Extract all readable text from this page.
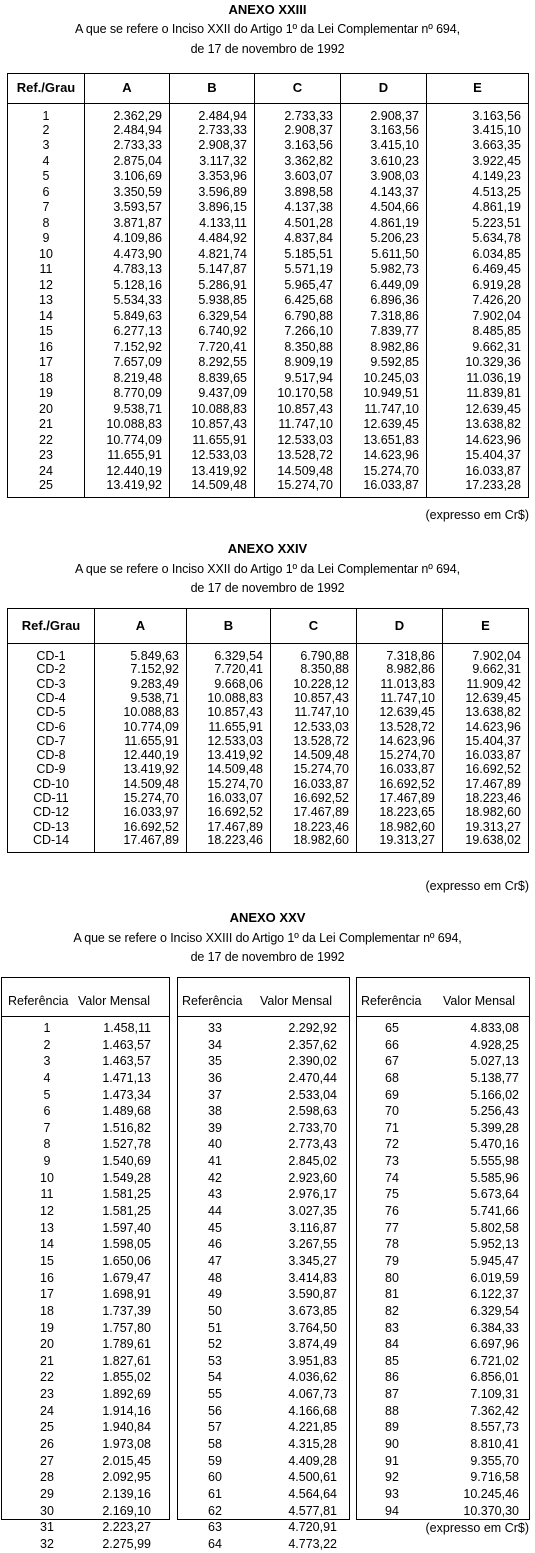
ANEXO XXIII
A que se refere o Inciso XXII do Artigo 1º da Lei Complementar nº 694,
de 17 de novembro de 1992
Ref./Grau	A	B	C	D	E
1	2.362,29	2.484,94	2.733,33	2.908,37	3.163,56
2	2.484,94	2.733,33	2.908,37	3.163,56	3.415,10
3	2.733,33	2.908,37	3.163,56	3.415,10	3.663,35
4	2.875,04	3.117,32	3.362,82	3.610,23	3.922,45
5	3.106,69	3.353,96	3.603,07	3.908,03	4.149,23
6	3.350,59	3.596,89	3.898,58	4.143,37	4.513,25
7	3.593,57	3.896,15	4.137,38	4.504,66	4.861,19
8	3.871,87	4.133,11	4.501,28	4.861,19	5.223,51
9	4.109,86	4.484,92	4.837,84	5.206,23	5.634,78
10	4.473,90	4.821,74	5.185,51	5.611,50	6.034,85
11	4.783,13	5.147,87	5.571,19	5.982,73	6.469,45
12	5.128,16	5.286,91	5.965,47	6.449,09	6.919,28
13	5.534,33	5.938,85	6.425,68	6.896,36	7.426,20
14	5.849,63	6.329,54	6.790,88	7.318,86	7.902,04
15	6.277,13	6.740,92	7.266,10	7.839,77	8.485,85
16	7.152,92	7.720,41	8.350,88	8.982,86	9.662,31
17	7.657,09	8.292,55	8.909,19	9.592,85	10.329,36
18	8.219,48	8.839,65	9.517,94	10.245,03	11.036,19
19	8.770,09	9.437,09	10.170,58	10.949,51	11.839,81
20	9.538,71	10.088,83	10.857,43	11.747,10	12.639,45
21	10.088,83	10.857,43	11.747,10	12.639,45	13.638,82
22	10.774,09	11.655,91	12.533,03	13.651,83	14.623,96
23	11.655,91	12.533,03	13.528,72	14.623,96	15.404,37
24	12.440,19	13.419,92	14.509,48	15.274,70	16.033,87
25	13.419,92	14.509,48	15.274,70	16.033,87	17.233,28
(expresso em Cr$)
ANEXO XXIV
A que se refere o Inciso XXII do Artigo 1º da Lei Complementar nº 694,
de 17 de novembro de 1992
Ref./Grau	A	B	C	D	E
CD-1	5.849,63	6.329,54	6.790,88	7.318,86	7.902,04
CD-2	7.152,92	7.720,41	8.350,88	8.982,86	9.662,31
CD-3	9.283,49	9.668,06	10.228,12	11.013,83	11.909,42
CD-4	9.538,71	10.088,83	10.857,43	11.747,10	12.639,45
CD-5	10.088,83	10.857,43	11.747,10	12.639,45	13.638,82
CD-6	10.774,09	11.655,91	12.533,03	13.528,72	14.623,96
CD-7	11.655,91	12.533,03	13.528,72	14.623,96	15.404,37
CD-8	12.440,19	13.419,92	14.509,48	15.274,70	16.033,87
CD-9	13.419,92	14.509,48	15.274,70	16.033,87	16.692,52
CD-10	14.509,48	15.274,70	16.033,87	16.692,52	17.467,89
CD-11	15.274,70	16.033,07	16.692,52	17.467,89	18.223,46
CD-12	16.033,97	16.692,52	17.467,89	18.223,65	18.982,60
CD-13	16.692,52	17.467,89	18.223,46	18.982,60	19.313,27
CD-14	17.467,89	18.223,46	18.982,60	19.313,27	19.638,02
(expresso em Cr$)
ANEXO XXV
A que se refere o Inciso XXIII do Artigo 1º da Lei Complementar nº 694,
de 17 de novembro de 1992
Referência Valor Mensal
1	1.458,11
2	1.463,57
3	1.463,57
4	1.471,13
5	1.473,34
6	1.489,68
7	1.516,82
8	1.527,78
9	1.540,69
10	1.549,28
11	1.581,25
12	1.581,25
13	1.597,40
14	1.598,05
15	1.650,06
16	1.679,47
17	1.698,91
18	1.737,39
19	1.757,80
20	1.789,61
21	1.827,61
22	1.855,02
23	1.892,69
24	1.914,16
25	1.940,84
26	1.973,08
27	2.015,45
28	2.092,95
29	2.139,16
30	2.169,10
31	2.223,27
32	2.275,99
Referência Valor Mensal
33	2.292,92
34	2.357,62
35	2.390,02
36	2.470,44
37	2.533,04
38	2.598,63
39	2.733,70
40	2.773,43
41	2.845,02
42	2.923,60
43	2.976,17
44	3.027,35
45	3.116,87
46	3.267,55
47	3.345,27
48	3.414,83
49	3.590,87
50	3.673,85
51	3.764,50
52	3.874,49
53	3.951,83
54	4.036,62
55	4.067,73
56	4.166,68
57	4.221,85
58	4.315,28
59	4.409,28
60	4.500,61
61	4.564,64
62	4.577,81
63	4.720,91
64	4.773,22
Referência Valor Mensal
65	4.833,08
66	4.928,25
67	5.027,13
68	5.138,77
69	5.166,02
70	5.256,43
71	5.399,28
72	5.470,16
73	5.555,98
74	5.585,96
75	5.673,64
76	5.741,66
77	5.802,58
78	5.952,13
79	5.945,47
80	6.019,59
81	6.122,37
82	6.329,54
83	6.384,33
84	6.697,96
85	6.721,02
86	6.856,01
87	7.109,31
88	7.362,42
89	8.557,73
90	8.810,41
91	9.355,70
92	9.716,58
93	10.245,46
94	10.370,30
(expresso em Cr$)
